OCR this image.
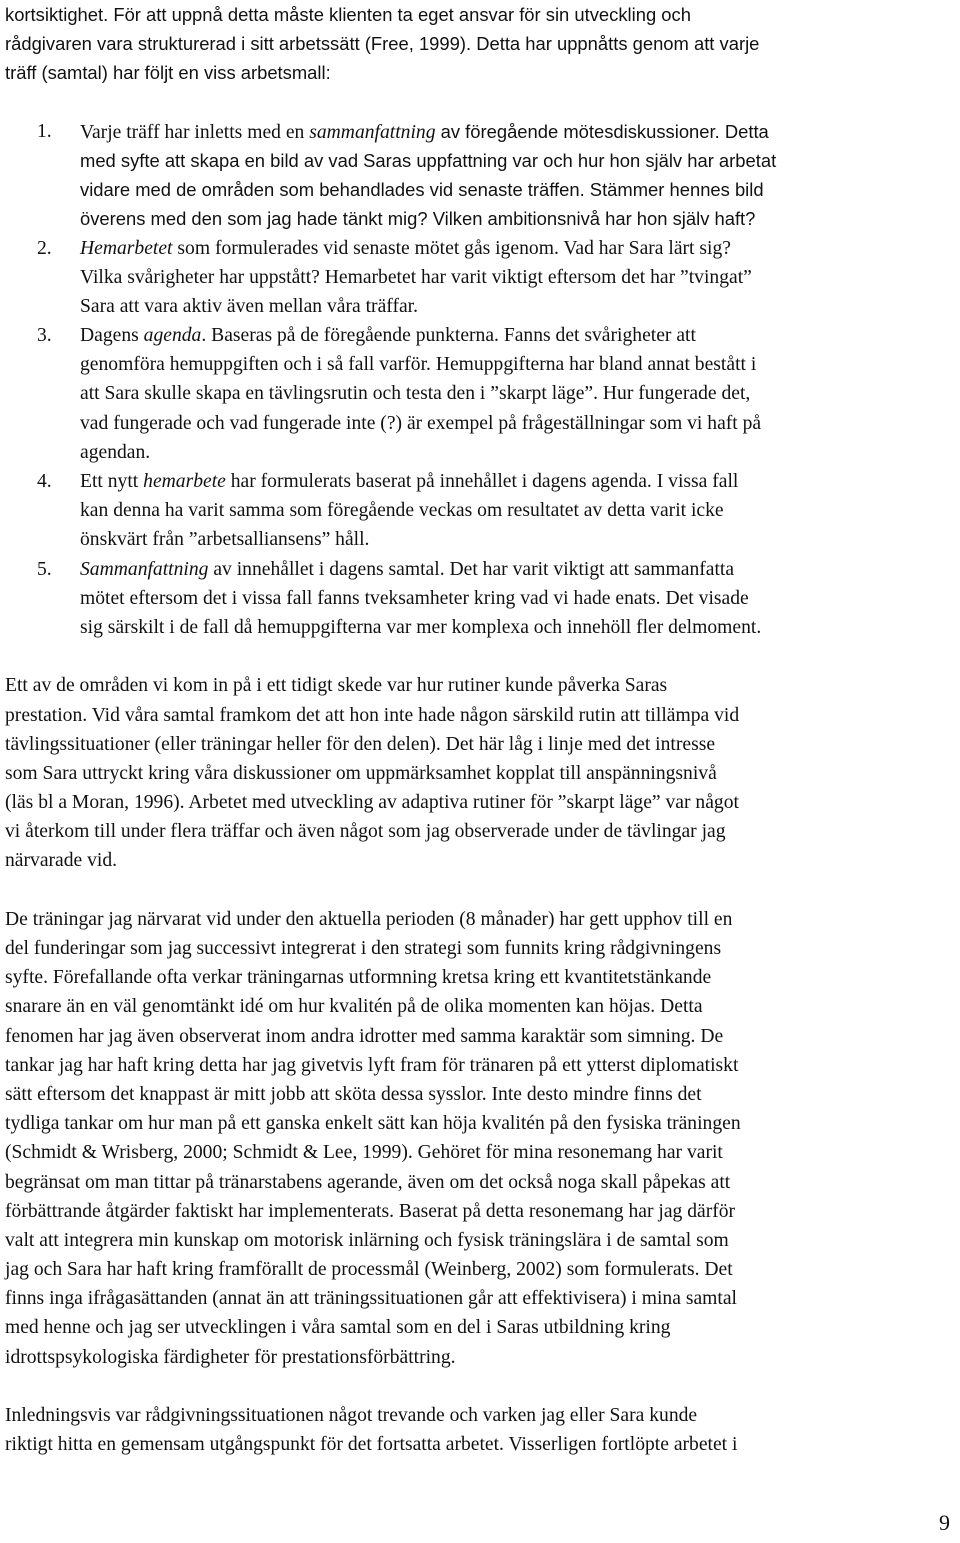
kortsiktighet. För att uppnå detta måste klienten ta eget ansvar för sin utveckling och
rådgivaren vara strukturerad i sitt arbetssätt (Free, 1999). Detta har uppnåtts genom att varje
träff (samtal) har följt en viss arbetsmall:
1. Varje träff har inletts med en sammanfattning av föregående mötesdiskussioner. Detta
med syfte att skapa en bild av vad Saras uppfattning var och hur hon själv har arbetat
vidare med de områden som behandlades vid senaste träffen. Stämmer hennes bild
överens med den som jag hade tänkt mig? Vilken ambitionsnivå har hon själv haft?
2. Hemarbetet som formulerades vid senaste mötet gås igenom. Vad har Sara lärt sig?
Vilka svårigheter har uppstått? Hemarbetet har varit viktigt eftersom det har ”tvingat”
Sara att vara aktiv även mellan våra träffar.
3. Dagens agenda. Baseras på de föregående punkterna. Fanns det svårigheter att
genomföra hemuppgiften och i så fall varför. Hemuppgifterna har bland annat bestått i
att Sara skulle skapa en tävlingsrutin och testa den i ”skarpt läge”. Hur fungerade det,
vad fungerade och vad fungerade inte (?) är exempel på frågeställningar som vi haft på
agendan.
4. Ett nytt hemarbete har formulerats baserat på innehållet i dagens agenda. I vissa fall
kan denna ha varit samma som föregående veckas om resultatet av detta varit icke
önskvärt från ”arbetsalliansens” håll.
5. Sammanfattning av innehållet i dagens samtal. Det har varit viktigt att sammanfatta
mötet eftersom det i vissa fall fanns tveksamheter kring vad vi hade enats. Det visade
sig särskilt i de fall då hemuppgifterna var mer komplexa och innehöll fler delmoment.
Ett av de områden vi kom in på i ett tidigt skede var hur rutiner kunde påverka Saras
prestation. Vid våra samtal framkom det att hon inte hade någon särskild rutin att tillämpa vid
tävlingssituationer (eller träningar heller för den delen). Det här låg i linje med det intresse
som Sara uttryckt kring våra diskussioner om uppmärksamhet kopplat till anspänningsnivå
(läs bl a Moran, 1996). Arbetet med utveckling av adaptiva rutiner för ”skarpt läge” var något
vi återkom till under flera träffar och även något som jag observerade under de tävlingar jag
närvarade vid.
De träningar jag närvarat vid under den aktuella perioden (8 månader) har gett upphov till en
del funderingar som jag successivt integrerat i den strategi som funnits kring rådgivningens
syfte. Förefallande ofta verkar träningarnas utformning kretsa kring ett kvantitetstänkande
snarare än en väl genomtänkt idé om hur kvalitén på de olika momenten kan höjas. Detta
fenomen har jag även observerat inom andra idrotter med samma karaktär som simning. De
tankar jag har haft kring detta har jag givetvis lyft fram för tränaren på ett ytterst diplomatiskt
sätt eftersom det knappast är mitt jobb att sköta dessa sysslor. Inte desto mindre finns det
tydliga tankar om hur man på ett ganska enkelt sätt kan höja kvalitén på den fysiska träningen
(Schmidt & Wrisberg, 2000; Schmidt & Lee, 1999). Gehöret för mina resonemang har varit
begränsat om man tittar på tränarstabens agerande, även om det också noga skall påpekas att
förbättrande åtgärder faktiskt har implementerats. Baserat på detta resonemang har jag därför
valt att integrera min kunskap om motorisk inlärning och fysisk träningslära i de samtal som
jag och Sara har haft kring framförallt de processmål (Weinberg, 2002) som formulerats. Det
finns inga ifrågasättanden (annat än att träningssituationen går att effektivisera) i mina samtal
med henne och jag ser utvecklingen i våra samtal som en del i Saras utbildning kring
idrottspsykologiska färdigheter för prestationsförbättring.
Inledningsvis var rådgivningssituationen något trevande och varken jag eller Sara kunde
riktigt hitta en gemensam utgångspunkt för det fortsatta arbetet. Visserligen fortlöpte arbetet i
9
